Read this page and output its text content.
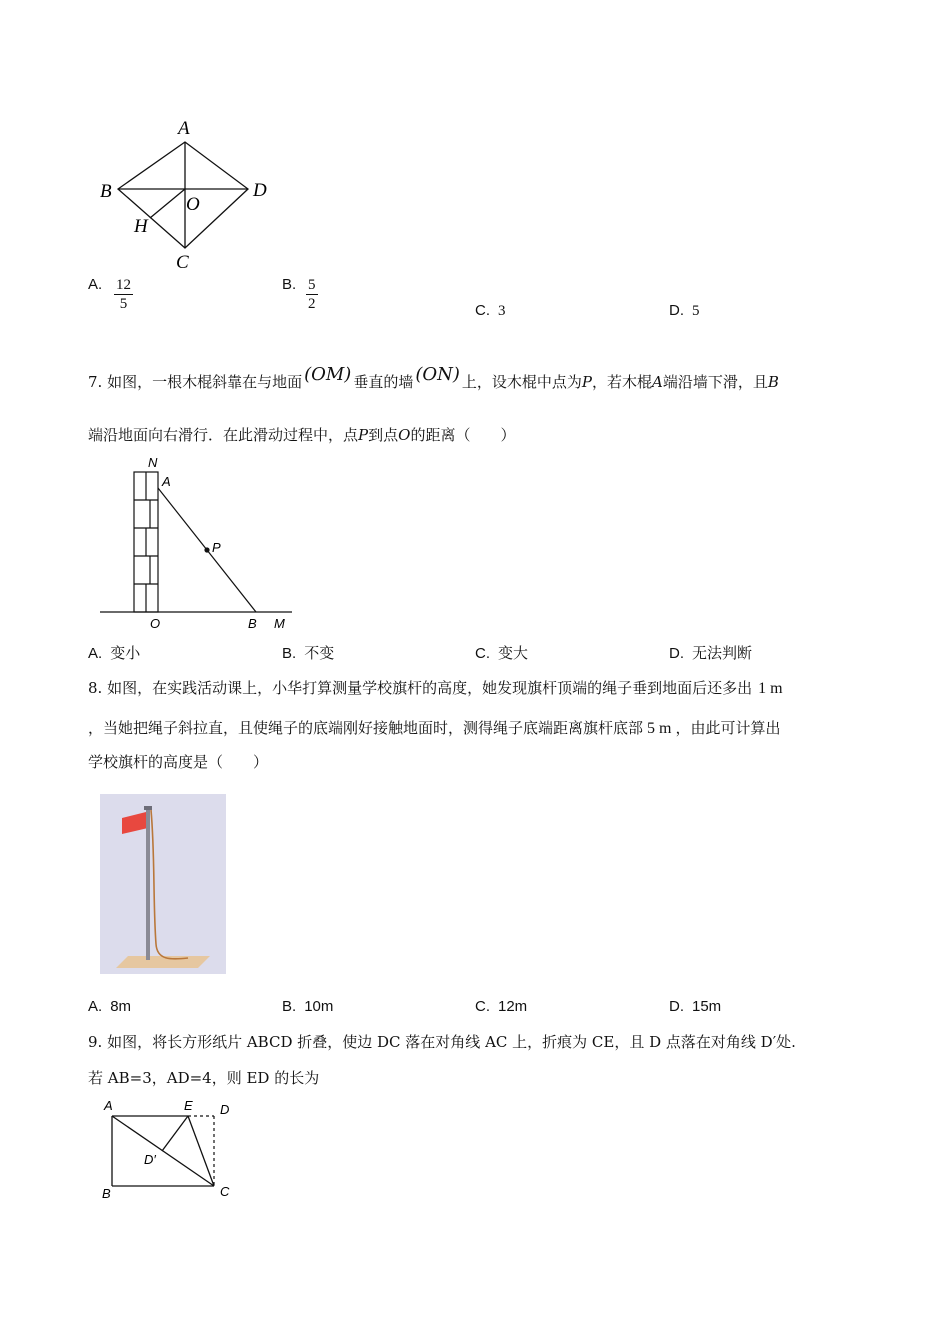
A
B	D
O
H
C
A. $\frac{12}{5}$	B. $\frac{5}{2}$	C. 3	D. 5
7. 如图，一根木棍斜靠在与地面 (OM) 垂直的墙 (ON) 上，设木棍中点为P，若木棍A端沿墙下滑，且B
端沿地面向右滑行．在此滑动过程中，点P到点O的距离（　　）
N
A
P
O	B M
A. 变小	B. 不变	C. 变大	D. 无法判断
8. 如图，在实践活动课上，小华打算测量学校旗杆的高度，她发现旗杆顶端的绳子垂到地面后还多出 1 m
，当她把绳子斜拉直，且使绳子的底端刚好接触地面时，测得绳子底端距离旗杆底部 5 m ，由此可计算出
学校旗杆的高度是（　　）
A. 8m	B. 10m	C. 12m	D. 15m
9. 如图，将长方形纸片 ABCD 折叠，使边 DC 落在对角线 AC 上，折痕为 CE，且 D 点落在对角线 D′处.
若 AB=3，AD=4，则 ED 的长为
A	E D
D′
B	C
